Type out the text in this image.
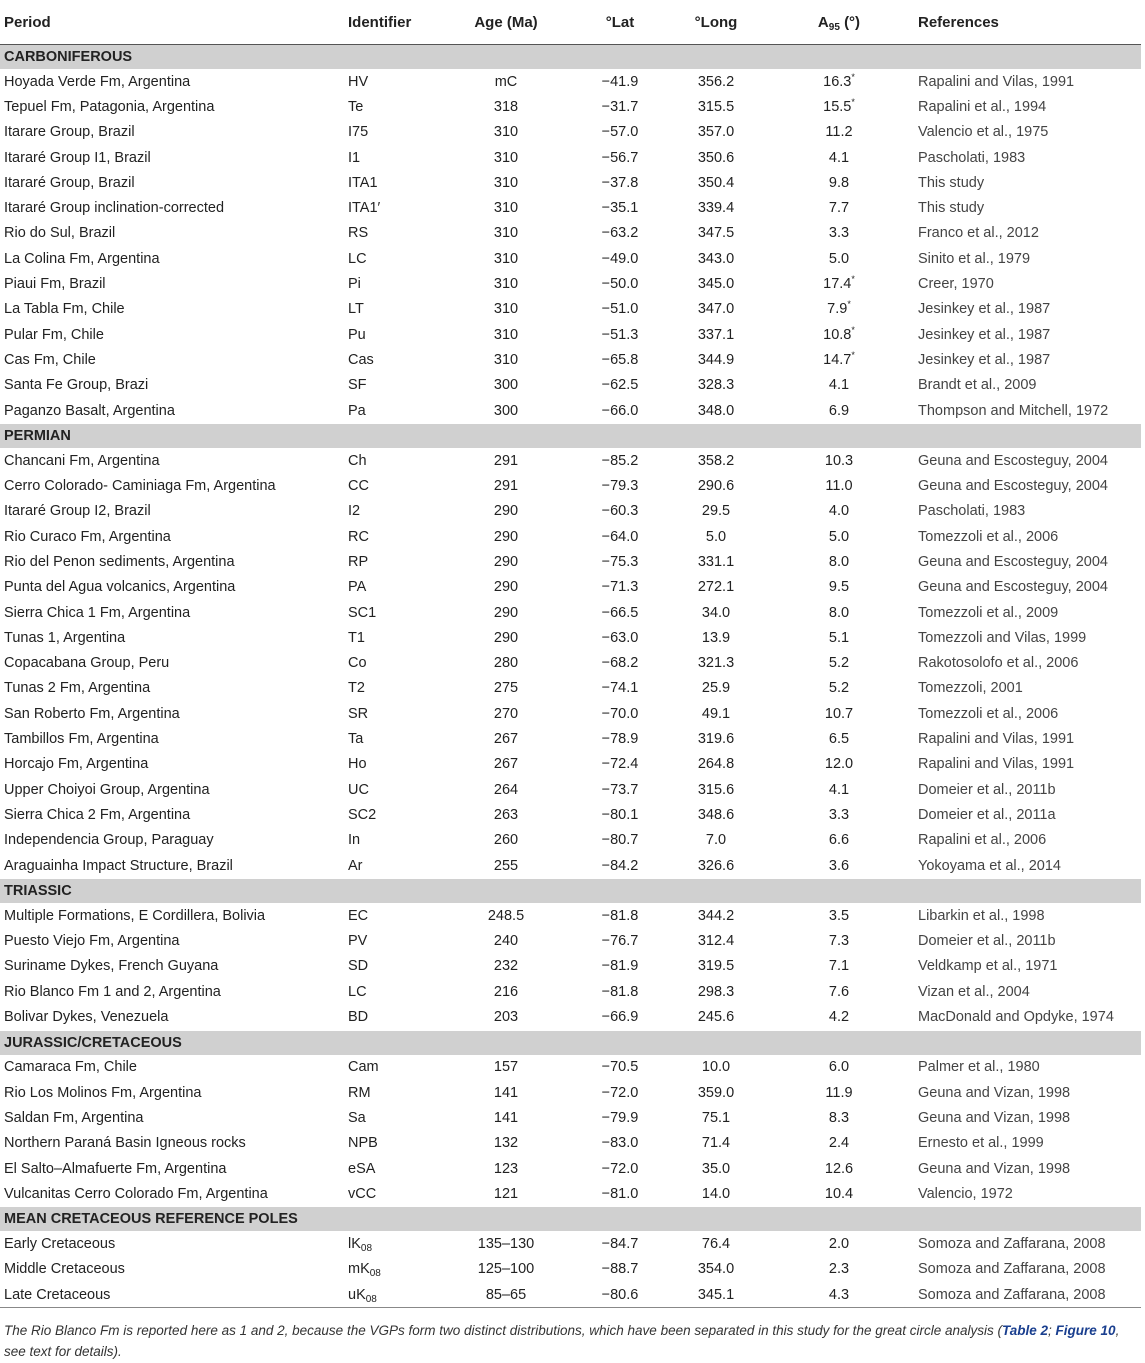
Period	Identifier	Age (Ma)	°Lat	°Long	$A_{95}$ (°)	References
CARBONIFEROUS						
Hoyada Verde Fm, Argentina	HV	mC	−41.9	356.2	16.3*	Rapalini and Vilas, 1991
Tepuel Fm, Patagonia, Argentina	Te	318	−31.7	315.5	15.5*	Rapalini et al., 1994
Itarare Group, Brazil	I75	310	−57.0	357.0	11.2	Valencio et al., 1975
Itararé Group I1, Brazil	I1	310	−56.7	350.6	4.1	Pascholati, 1983
Itararé Group, Brazil	ITA1	310	−37.8	350.4	9.8	This study
Itararé Group inclination-corrected	ITA1′	310	−35.1	339.4	7.7	This study
Rio do Sul, Brazil	RS	310	−63.2	347.5	3.3	Franco et al., 2012
La Colina Fm, Argentina	LC	310	−49.0	343.0	5.0	Sinito et al., 1979
Piaui Fm, Brazil	Pi	310	−50.0	345.0	17.4*	Creer, 1970
La Tabla Fm, Chile	LT	310	−51.0	347.0	7.9*	Jesinkey et al., 1987
Pular Fm, Chile	Pu	310	−51.3	337.1	10.8*	Jesinkey et al., 1987
Cas Fm, Chile	Cas	310	−65.8	344.9	14.7*	Jesinkey et al., 1987
Santa Fe Group, Brazi	SF	300	−62.5	328.3	4.1	Brandt et al., 2009
Paganzo Basalt, Argentina	Pa	300	−66.0	348.0	6.9	Thompson and Mitchell, 1972
PERMIAN						
Chancani Fm, Argentina	Ch	291	−85.2	358.2	10.3	Geuna and Escosteguy, 2004
Cerro Colorado- Caminiaga Fm, Argentina	CC	291	−79.3	290.6	11.0	Geuna and Escosteguy, 2004
Itararé Group I2, Brazil	I2	290	−60.3	29.5	4.0	Pascholati, 1983
Rio Curaco Fm, Argentina	RC	290	−64.0	5.0	5.0	Tomezzoli et al., 2006
Rio del Penon sediments, Argentina	RP	290	−75.3	331.1	8.0	Geuna and Escosteguy, 2004
Punta del Agua volcanics, Argentina	PA	290	−71.3	272.1	9.5	Geuna and Escosteguy, 2004
Sierra Chica 1 Fm, Argentina	SC1	290	−66.5	34.0	8.0	Tomezzoli et al., 2009
Tunas 1, Argentina	T1	290	−63.0	13.9	5.1	Tomezzoli and Vilas, 1999
Copacabana Group, Peru	Co	280	−68.2	321.3	5.2	Rakotosolofo et al., 2006
Tunas 2 Fm, Argentina	T2	275	−74.1	25.9	5.2	Tomezzoli, 2001
San Roberto Fm, Argentina	SR	270	−70.0	49.1	10.7	Tomezzoli et al., 2006
Tambillos Fm, Argentina	Ta	267	−78.9	319.6	6.5	Rapalini and Vilas, 1991
Horcajo Fm, Argentina	Ho	267	−72.4	264.8	12.0	Rapalini and Vilas, 1991
Upper Choiyoi Group, Argentina	UC	264	−73.7	315.6	4.1	Domeier et al., 2011b
Sierra Chica 2 Fm, Argentina	SC2	263	−80.1	348.6	3.3	Domeier et al., 2011a
Independencia Group, Paraguay	In	260	−80.7	7.0	6.6	Rapalini et al., 2006
Araguainha Impact Structure, Brazil	Ar	255	−84.2	326.6	3.6	Yokoyama et al., 2014
TRIASSIC						
Multiple Formations, E Cordillera, Bolivia	EC	248.5	−81.8	344.2	3.5	Libarkin et al., 1998
Puesto Viejo Fm, Argentina	PV	240	−76.7	312.4	7.3	Domeier et al., 2011b
Suriname Dykes, French Guyana	SD	232	−81.9	319.5	7.1	Veldkamp et al., 1971
Rio Blanco Fm 1 and 2, Argentina	LC	216	−81.8	298.3	7.6	Vizan et al., 2004
Bolivar Dykes, Venezuela	BD	203	−66.9	245.6	4.2	MacDonald and Opdyke, 1974
JURASSIC/CRETACEOUS						
Camaraca Fm, Chile	Cam	157	−70.5	10.0	6.0	Palmer et al., 1980
Rio Los Molinos Fm, Argentina	RM	141	−72.0	359.0	11.9	Geuna and Vizan, 1998
Saldan Fm, Argentina	Sa	141	−79.9	75.1	8.3	Geuna and Vizan, 1998
Northern Paraná Basin Igneous rocks	NPB	132	−83.0	71.4	2.4	Ernesto et al., 1999
El Salto–Almafuerte Fm, Argentina	eSA	123	−72.0	35.0	12.6	Geuna and Vizan, 1998
Vulcanitas Cerro Colorado Fm, Argentina	vCC	121	−81.0	14.0	10.4	Valencio, 1972
MEAN CRETACEOUS REFERENCE POLES						
Early Cretaceous	$lK_{08}$	135–130	−84.7	76.4	2.0	Somoza and Zaffarana, 2008
Middle Cretaceous	$mK_{08}$	125–100	−88.7	354.0	2.3	Somoza and Zaffarana, 2008
Late Cretaceous	$uK_{08}$	85–65	−80.6	345.1	4.3	Somoza and Zaffarana, 2008
The Rio Blanco Fm is reported here as 1 and 2, because the VGPs form two distinct distributions, which have been separated in this study for the great circle analysis (Table 2; Figure 10, see text for details).
